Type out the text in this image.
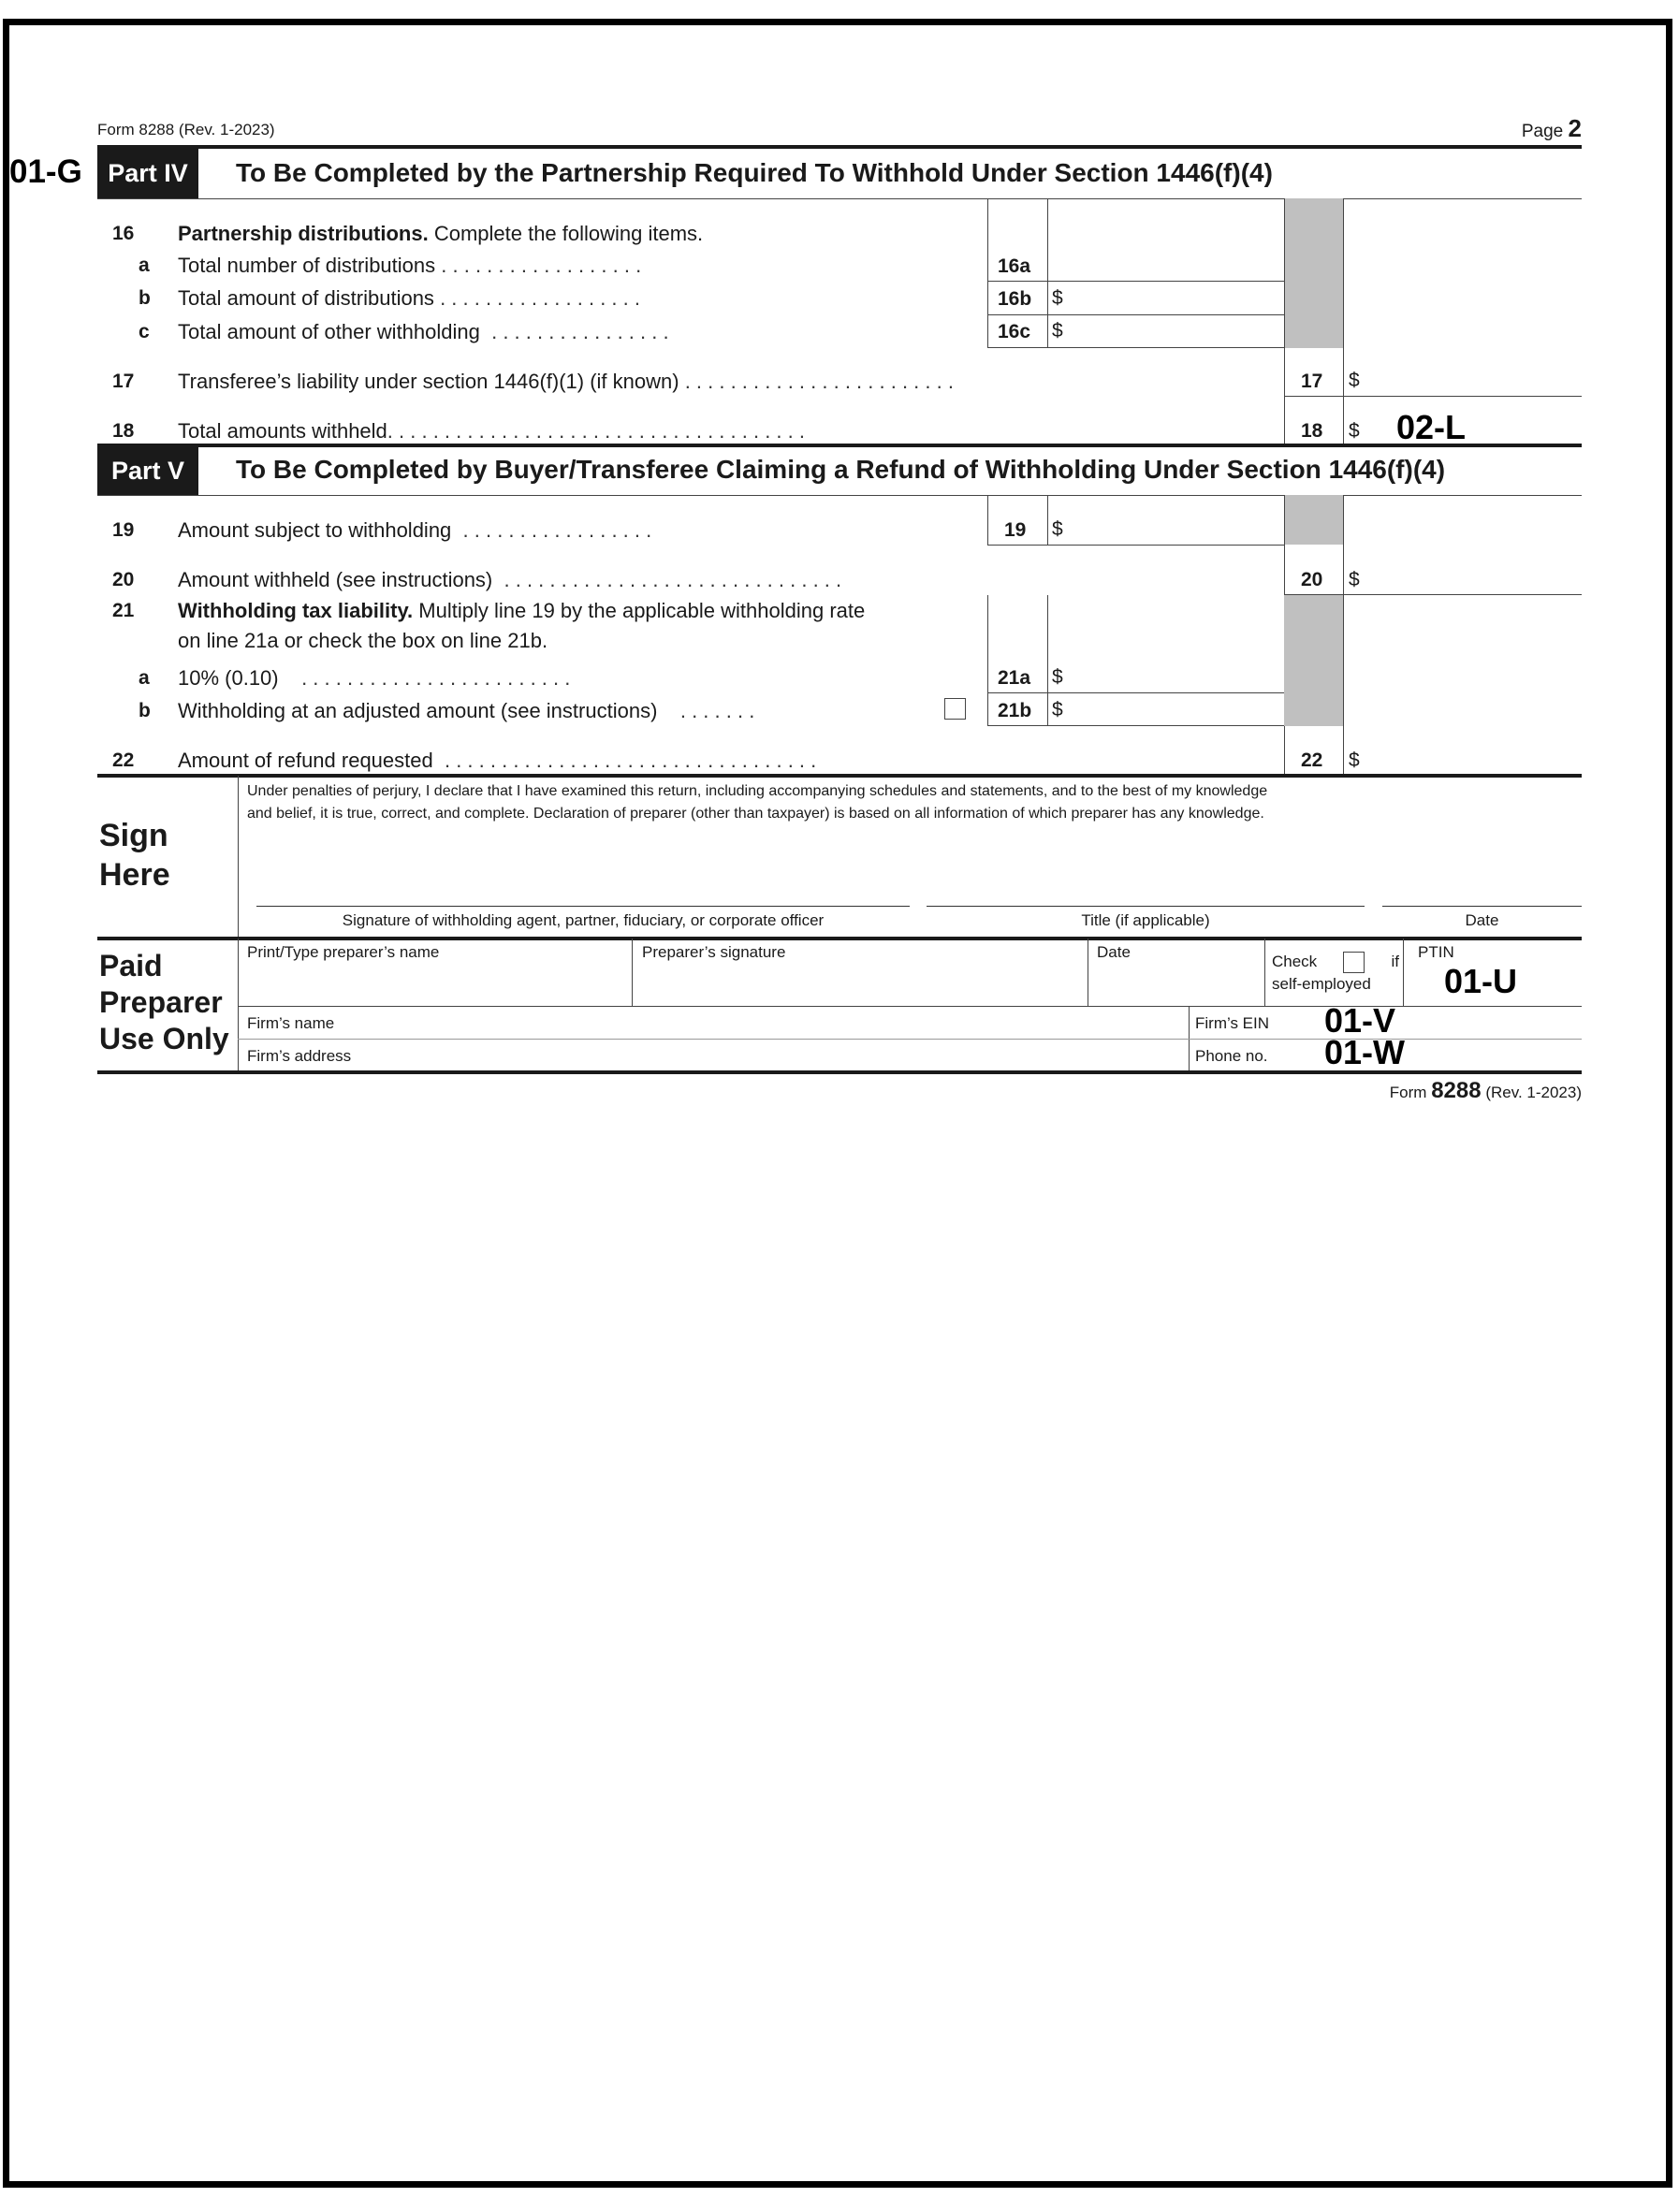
Form 8288 (Rev. 1-2023)	Page 2
01-G	Part IV	To Be Completed by the Partnership Required To Withhold Under Section 1446(f)(4)
16 Partnership distributions. Complete the following items.
a Total number of distributions . . . . . . . . . . . . . . . . . .	16a
b Total amount of distributions . . . . . . . . . . . . . . . . . .	16b $
c Total amount of other withholding . . . . . . . . . . . . . . . .	16c $
17 Transferee’s liability under section 1446(f)(1) (if known) . . . . . . . . . . . . . . . . . . . . . . . .	17 $
18 Total amounts withheld. . . . . . . . . . . . . . . . . . . . . . . . . . . . . . . . . . . . .	18 $ 02-L
Part V	To Be Completed by Buyer/Transferee Claiming a Refund of Withholding Under Section 1446(f)(4)
19 Amount subject to withholding . . . . . . . . . . . . . . . . .	19 $
20 Amount withheld (see instructions) . . . . . . . . . . . . . . . . . . . . . . . . . . . . . .	20 $
21 Withholding tax liability. Multiply line 19 by the applicable withholding rate
on line 21a or check the box on line 21b.
a 10% (0.10) . . . . . . . . . . . . . . . . . . . . . . . .	21a $
b Withholding at an adjusted amount (see instructions) . . . . . . .	21b $
22 Amount of refund requested . . . . . . . . . . . . . . . . . . . . . . . . . . . . . . . . .	22 $
Sign
Here
Under penalties of perjury, I declare that I have examined this return, including accompanying schedules and statements, and to the best of my knowledge
and belief, it is true, correct, and complete. Declaration of preparer (other than taxpayer) is based on all information of which preparer has any knowledge.
Signature of withholding agent, partner, fiduciary, or corporate officer	Title (if applicable)	Date
Paid
Preparer
Use Only
Print/Type preparer’s name	Preparer’s signature	Date
Check	if
self-employed
PTIN
01-U
Firm’s name	Firm’s EIN 01-V
Firm’s address	Phone no. 01-W
Form 8288 (Rev. 1-2023)
